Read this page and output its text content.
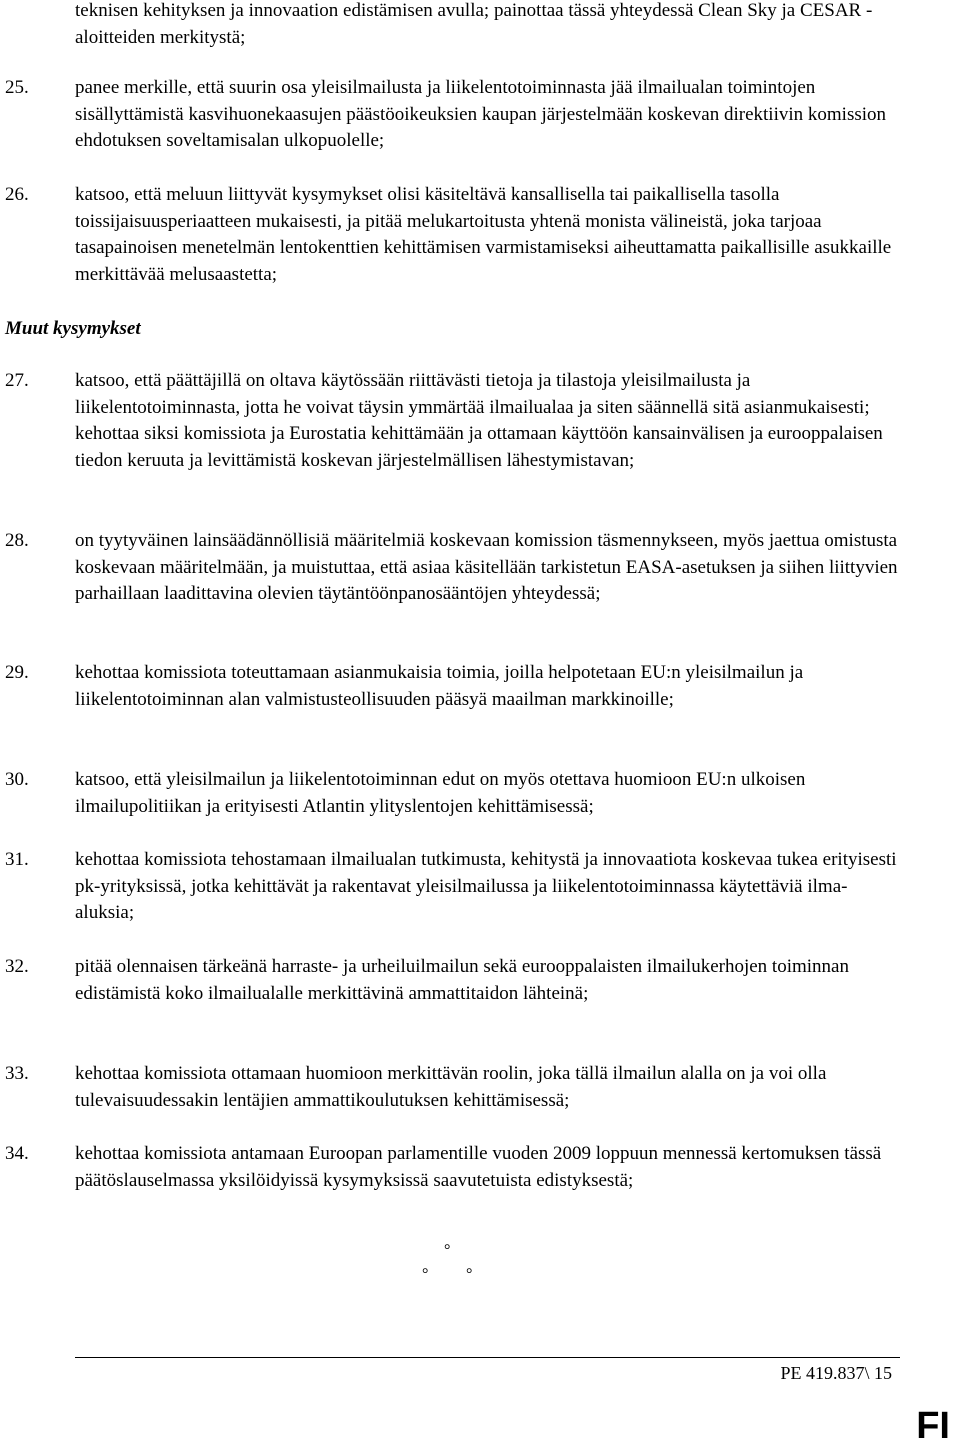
teknisen kehityksen ja innovaation edistämisen avulla; painottaa tässä yhteydessä Clean Sky ja CESAR -aloitteiden merkitystä;
25. panee merkille, että suurin osa yleisilmailusta ja liikelentotoiminnasta jää ilmailualan toimintojen sisällyttämistä kasvihuonekaasujen päästöoikeuksien kaupan järjestelmään koskevan direktiivin komission ehdotuksen soveltamisalan ulkopuolelle;
26. katsoo, että meluun liittyvät kysymykset olisi käsiteltävä kansallisella tai paikallisella tasolla toissijaisuusperiaatteen mukaisesti, ja pitää melukartoitusta yhtenä monista välineistä, joka tarjoaa tasapainoisen menetelmän lentokenttien kehittämisen varmistamiseksi aiheuttamatta paikallisille asukkaille merkittävää melusaastetta;
Muut kysymykset
27. katsoo, että päättäjillä on oltava käytössään riittävästi tietoja ja tilastoja yleisilmailusta ja liikelentotoiminnasta, jotta he voivat täysin ymmärtää ilmailualaa ja siten säännellä sitä asianmukaisesti; kehottaa siksi komissiota ja Eurostatia kehittämään ja ottamaan käyttöön kansainvälisen ja eurooppalaisen tiedon keruuta ja levittämistä koskevan järjestelmällisen lähestymistavan;
28. on tyytyväinen lainsäädännöllisiä määritelmiä koskevaan komission täsmennykseen, myös jaettua omistusta koskevaan määritelmään, ja muistuttaa, että asiaa käsitellään tarkistetun EASA-asetuksen ja siihen liittyvien parhaillaan laadittavina olevien täytäntöönpanosääntöjen yhteydessä;
29. kehottaa komissiota toteuttamaan asianmukaisia toimia, joilla helpotetaan EU:n yleisilmailun ja liikelentotoiminnan alan valmistusteollisuuden pääsyä maailman markkinoille;
30. katsoo, että yleisilmailun ja liikelentotoiminnan edut on myös otettava huomioon EU:n ulkoisen ilmailupolitiikan ja erityisesti Atlantin ylityslentojen kehittämisessä;
31. kehottaa komissiota tehostamaan ilmailualan tutkimusta, kehitystä ja innovaatiota koskevaa tukea erityisesti pk-yrityksissä, jotka kehittävät ja rakentavat yleisilmailussa ja liikelentotoiminnassa käytettäviä ilma-aluksia;
32. pitää olennaisen tärkeänä harraste- ja urheiluilmailun sekä eurooppalaisten ilmailukerhojen toiminnan edistämistä koko ilmailualalle merkittävinä ammattitaidon lähteinä;
33. kehottaa komissiota ottamaan huomioon merkittävän roolin, joka tällä ilmailun alalla on ja voi olla tulevaisuudessakin lentäjien ammattikoulutuksen kehittämisessä;
34. kehottaa komissiota antamaan Euroopan parlamentille vuoden 2009 loppuun mennessä kertomuksen tässä päätöslauselmassa yksilöidyissä kysymyksissä saavutetuista edistyksestä;
°
° °
PE 419.837\ 15
FI
